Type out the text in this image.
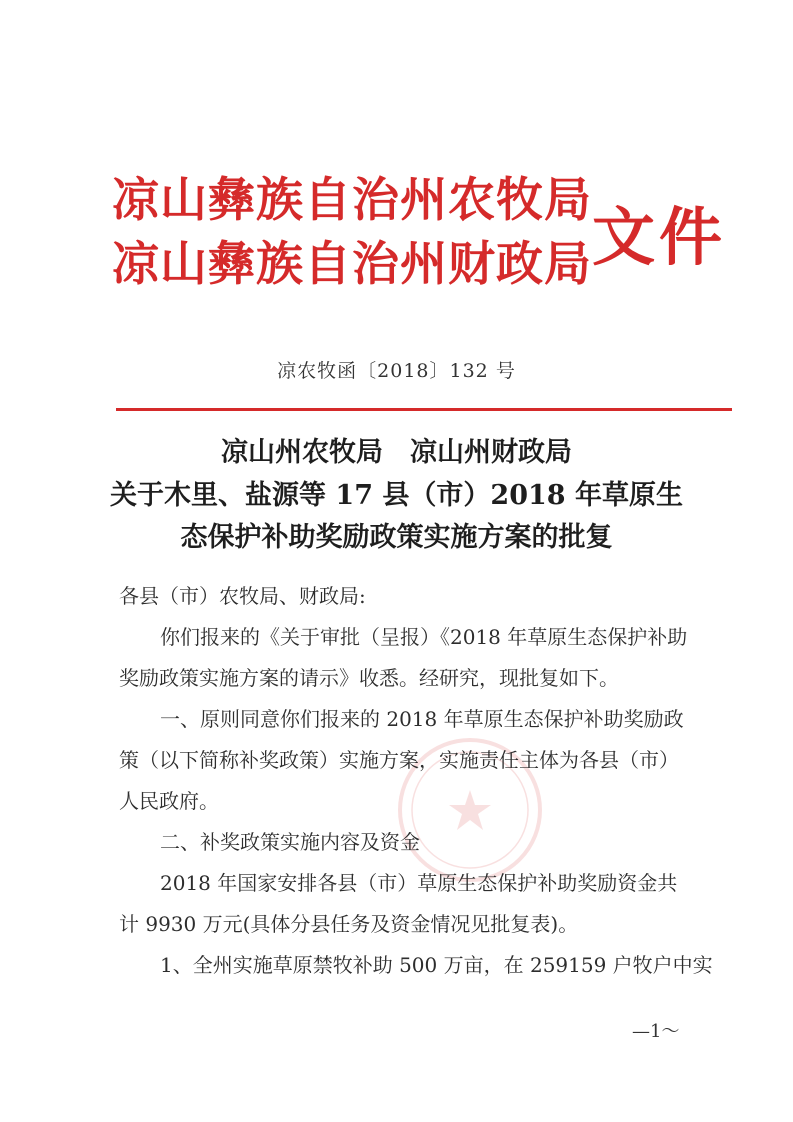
凉山彝族自治州农牧局
凉山彝族自治州财政局 文件
凉农牧函〔2018〕132 号
凉山州农牧局　凉山州财政局
关于木里、盐源等 17 县（市）2018 年草原生
态保护补助奖励政策实施方案的批复
各县（市）农牧局、财政局:
你们报来的《关于审批（呈报）《2018 年草原生态保护补助
奖励政策实施方案的请示》收悉。经研究，现批复如下。
一、原则同意你们报来的 2018 年草原生态保护补助奖励政
策（以下简称补奖政策）实施方案，实施责任主体为各县（市）
人民政府。
二、补奖政策实施内容及资金
2018 年国家安排各县（市）草原生态保护补助奖励资金共
计 9930 万元(具体分县任务及资金情况见批复表)。
1、全州实施草原禁牧补助 500 万亩，在 259159 户牧户中实
—1～
